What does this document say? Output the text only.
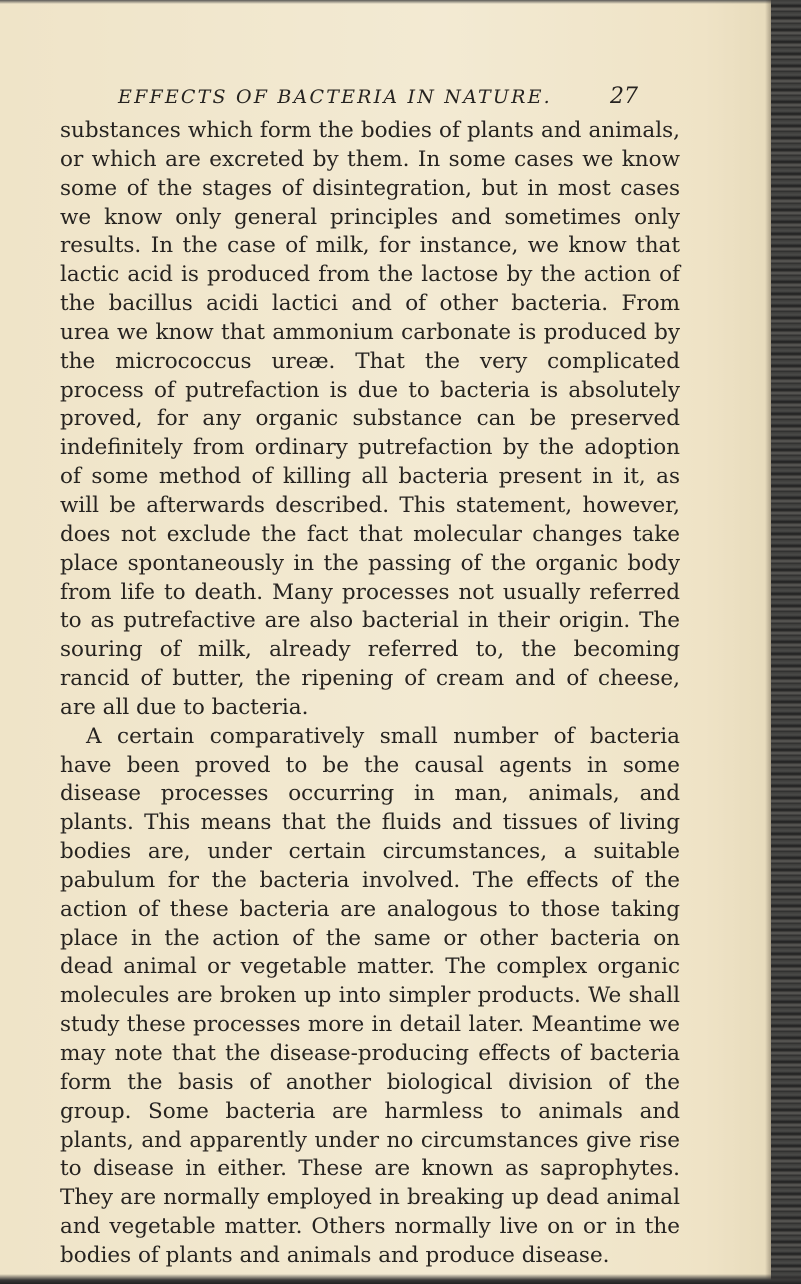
EFFECTS OF BACTERIA IN NATURE.	27

substances which form the bodies of plants and animals, or which are excreted by them. In some cases we know some of the stages of disintegration, but in most cases we know only general principles and sometimes only results. In the case of milk, for instance, we know that lactic acid is produced from the lactose by the action of the bacillus acidi lactici and of other bacteria. From urea we know that ammonium carbonate is produced by the micrococcus ureæ. That the very complicated process of putrefaction is due to bacteria is absolutely proved, for any organic substance can be preserved indefinitely from ordinary putrefaction by the adoption of some method of killing all bacteria present in it, as will be afterwards described. This statement, however, does not exclude the fact that molecular changes take place spontaneously in the passing of the organic body from life to death. Many processes not usually referred to as putrefactive are also bacterial in their origin. The souring of milk, already referred to, the becoming rancid of butter, the ripening of cream and of cheese, are all due to bacteria.

A certain comparatively small number of bacteria have been proved to be the causal agents in some disease processes occurring in man, animals, and plants. This means that the fluids and tissues of living bodies are, under certain circumstances, a suitable pabulum for the bacteria involved. The effects of the action of these bacteria are analogous to those taking place in the action of the same or other bacteria on dead animal or vegetable matter. The complex organic molecules are broken up into simpler products. We shall study these processes more in detail later. Meantime we may note that the disease-producing effects of bacteria form the basis of another biological division of the group. Some bacteria are harmless to animals and plants, and apparently under no circumstances give rise to disease in either. These are known as saprophytes. They are normally employed in breaking up dead animal and vegetable matter. Others normally live on or in the bodies of plants and animals and produce disease.
